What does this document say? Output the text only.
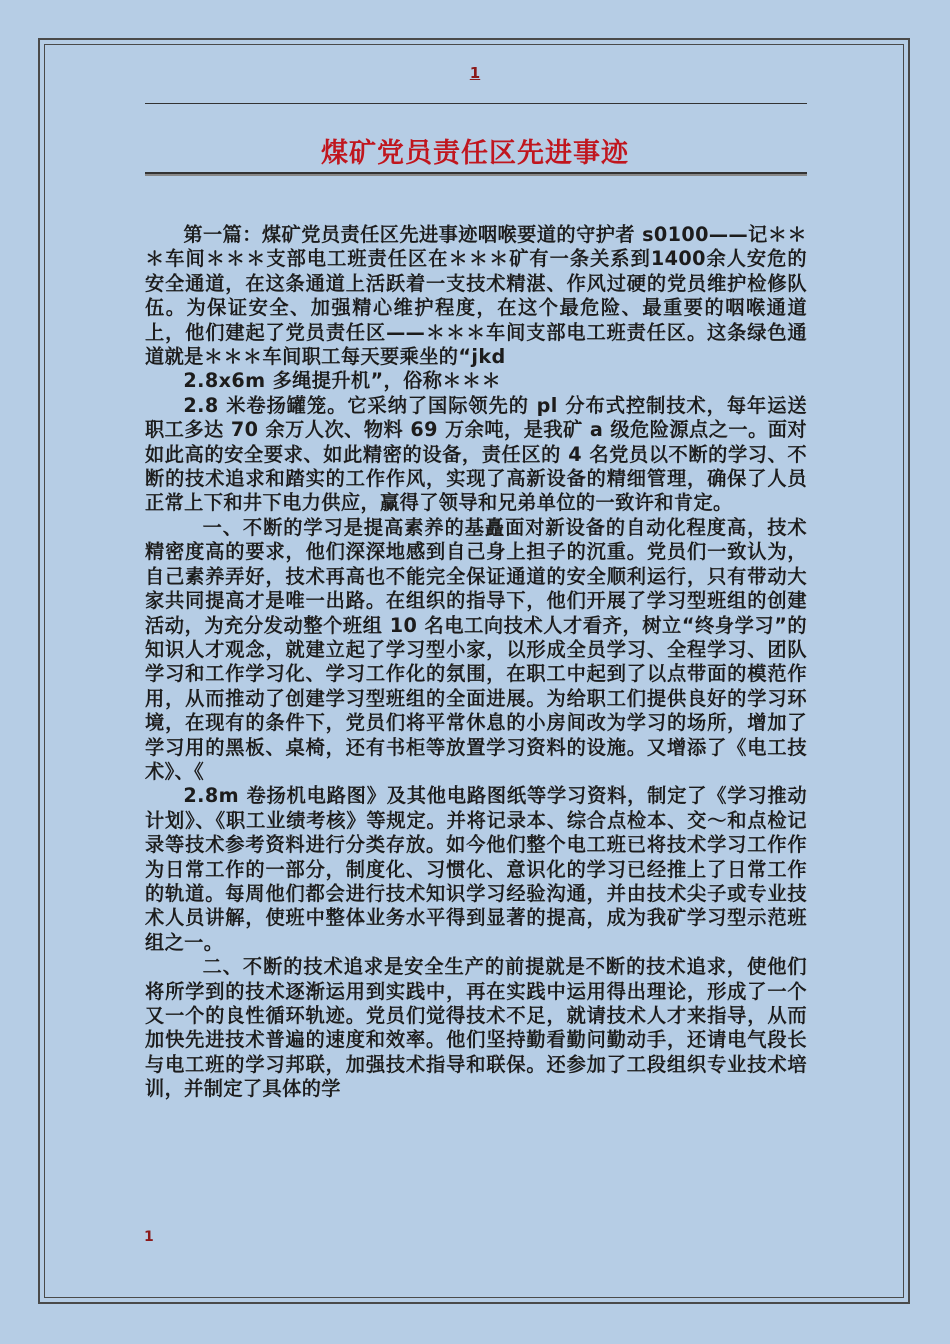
1
煤矿党员责任区先进事迹

第一篇：煤矿党员责任区先进事迹咽喉要道的守护者 s0100——记＊＊＊车间＊＊＊支部电工班责任区在＊＊＊矿有一条关系到1400余人安危的安全通道，在这条通道上活跃着一支技术精湛、作风过硬的党员维护检修队伍。为保证安全、加强精心维护程度，在这个最危险、最重要的咽喉通道上，他们建起了党员责任区——＊＊＊车间支部电工班责任区。这条绿色通道就是＊＊＊车间职工每天要乘坐的“jkd

2.8x6m 多绳提升机”，俗称＊＊＊

2.8 米卷扬罐笼。它采纳了国际领先的 pl 分布式控制技术，每年运送职工多达 70 余万人次、物料 69 万余吨，是我矿 a 级危险源点之一。面对如此高的安全要求、如此精密的设备，责任区的 4 名党员以不断的学习、不断的技术追求和踏实的工作作风，实现了高新设备的精细管理，确保了人员正常上下和井下电力供应，赢得了领导和兄弟单位的一致许和肯定。

一、不断的学习是提高素养的基矗面对新设备的自动化程度高，技术精密度高的要求，他们深深地感到自己身上担子的沉重。党员们一致认为，自己素养弄好，技术再高也不能完全保证通道的安全顺利运行，只有带动大家共同提高才是唯一出路。在组织的指导下，他们开展了学习型班组的创建活动，为充分发动整个班组 10 名电工向技术人才看齐，树立“终身学习”的知识人才观念，就建立起了学习型小家，以形成全员学习、全程学习、团队学习和工作学习化、学习工作化的氛围，在职工中起到了以点带面的模范作用，从而推动了创建学习型班组的全面进展。为给职工们提供良好的学习环境，在现有的条件下，党员们将平常休息的小房间改为学习的场所，增加了学习用的黑板、桌椅，还有书柜等放置学习资料的设施。又增添了《电工技术》、《

2.8m 卷扬机电路图》及其他电路图纸等学习资料，制定了《学习推动计划》、《职工业绩考核》等规定。并将记录本、综合点检本、交～和点检记录等技术参考资料进行分类存放。如今他们整个电工班已将技术学习工作作为日常工作的一部分，制度化、习惯化、意识化的学习已经推上了日常工作的轨道。每周他们都会进行技术知识学习经验沟通，并由技术尖子或专业技术人员讲解，使班中整体业务水平得到显著的提高，成为我矿学习型示范班组之一。

二、不断的技术追求是安全生产的前提就是不断的技术追求，使他们将所学到的技术逐渐运用到实践中，再在实践中运用得出理论，形成了一个又一个的良性循环轨迹。党员们觉得技术不足，就请技术人才来指导，从而加快先进技术普遍的速度和效率。他们坚持勤看勤问勤动手，还请电气段长与电工班的学习邦联，加强技术指导和联保。还参加了工段组织专业技术培训，并制定了具体的学

1
